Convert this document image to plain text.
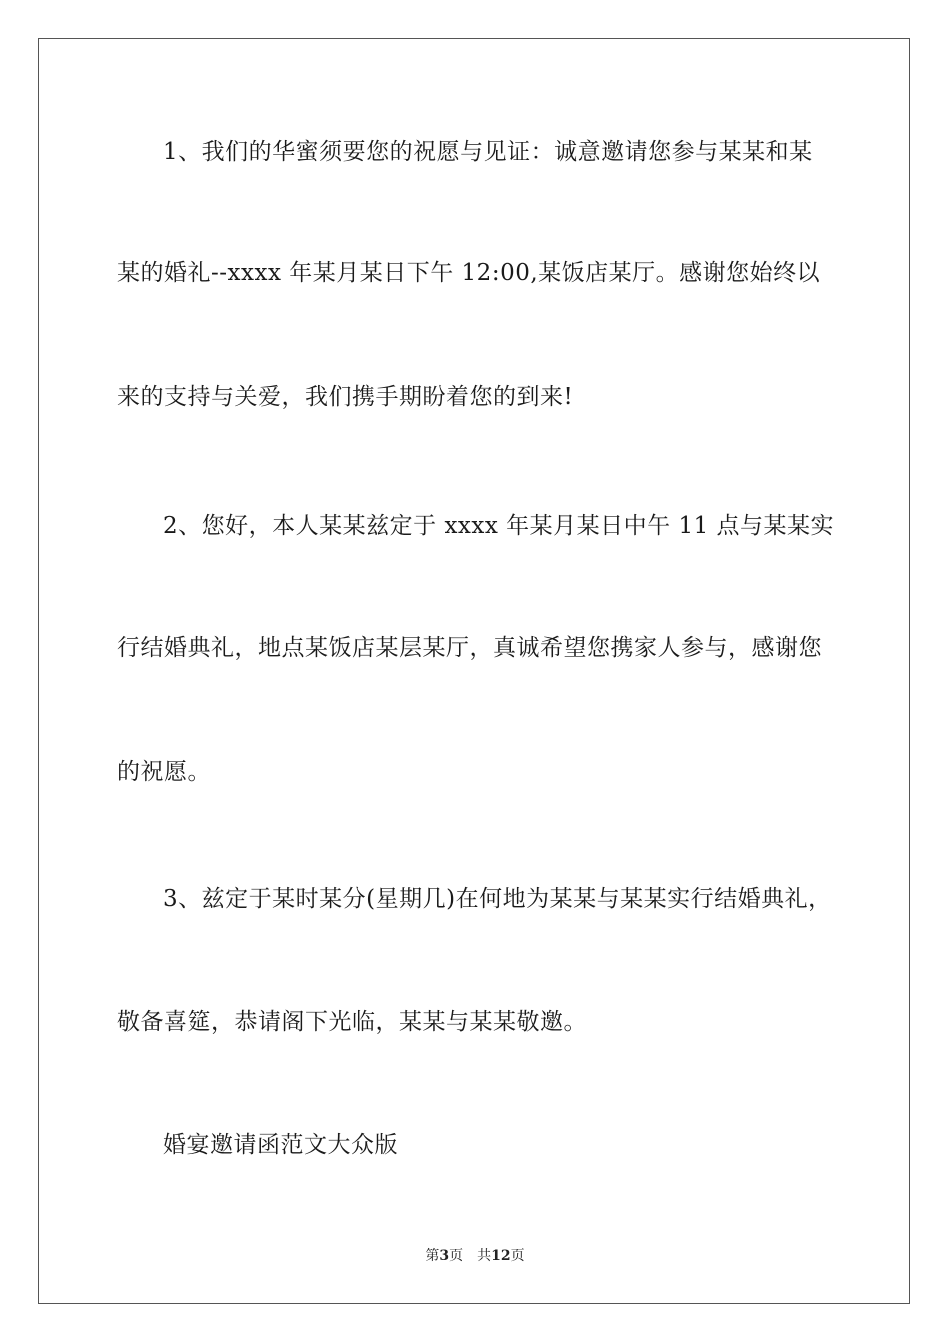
1、我们的华蜜须要您的祝愿与见证：诚意邀请您参与某某和某
某的婚礼--xxxx 年某月某日下午 12:00,某饭店某厅。感谢您始终以
来的支持与关爱，我们携手期盼着您的到来!
2、您好，本人某某兹定于 xxxx 年某月某日中午 11 点与某某实
行结婚典礼，地点某饭店某层某厅，真诚希望您携家人参与，感谢您
的祝愿。
3、兹定于某时某分(星期几)在何地为某某与某某实行结婚典礼，
敬备喜筵，恭请阁下光临，某某与某某敬邀。
婚宴邀请函范文大众版
第3页 共12页
